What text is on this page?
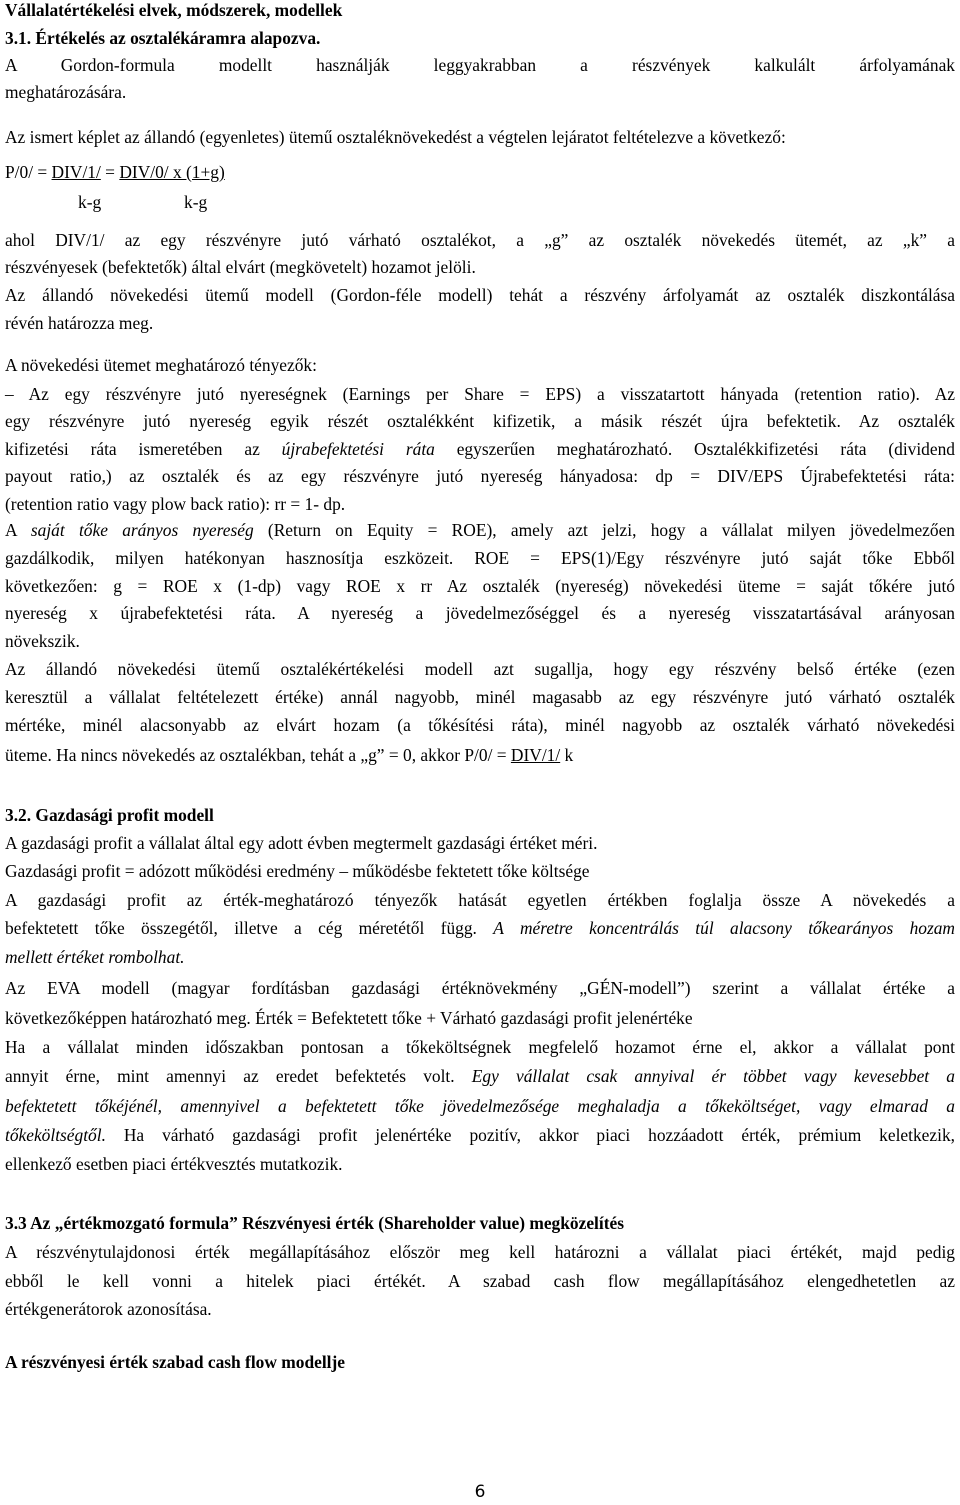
Vállalatértékelési elvek, módszerek, modellek
3.1. Értékelés az osztalékáramra alapozva.
A Gordon-formula modellt használják leggyakrabban a részvények kalkulált árfolyamának
meghatározására.
Az ismert képlet az állandó (egyenletes) ütemű osztaléknövekedést a végtelen lejáratot feltételezve a következő:
P/0/ = DIV/1/ = DIV/0/ x (1+g)
k-g	k-g
ahol DIV/1/ az egy részvényre jutó várható osztalékot, a „g” az osztalék növekedés ütemét, az „k” a
részvényesek (befektetők) által elvárt (megkövetelt) hozamot jelöli.
Az állandó növekedési ütemű modell (Gordon-féle modell) tehát a részvény árfolyamát az osztalék diszkontálása
révén határozza meg.
A növekedési ütemet meghatározó tényezők:
– Az egy részvényre jutó nyereségnek (Earnings per Share = EPS) a visszatartott hányada (retention ratio). Az
egy részvényre jutó nyereség egyik részét osztalékként kifizetik, a másik részét újra befektetik. Az osztalék
kifizetési ráta ismeretében az újrabefektetési ráta egyszerűen meghatározható. Osztalékkifizetési ráta (dividend
payout ratio,) az osztalék és az egy részvényre jutó nyereség hányadosa: dp = DIV/EPS Újrabefektetési ráta:
(retention ratio vagy plow back ratio): rr = 1- dp.
A saját tőke arányos nyereség (Return on Equity = ROE), amely azt jelzi, hogy a vállalat milyen jövedelmezően
gazdálkodik, milyen hatékonyan hasznosítja eszközeit. ROE = EPS(1)/Egy részvényre jutó saját tőke Ebből
következően: g = ROE x (1-dp) vagy ROE x rr Az osztalék (nyereség) növekedési üteme = saját tőkére jutó
nyereség x újrabefektetési ráta. A nyereség a jövedelmezőséggel és a nyereség visszatartásával arányosan
növekszik.
Az állandó növekedési ütemű osztalékértékelési modell azt sugallja, hogy egy részvény belső értéke (ezen
keresztül a vállalat feltételezett értéke) annál nagyobb, minél magasabb az egy részvényre jutó várható osztalék
mértéke, minél alacsonyabb az elvárt hozam (a tőkésítési ráta), minél nagyobb az osztalék várható növekedési
üteme. Ha nincs növekedés az osztalékban, tehát a „g” = 0, akkor P/0/ = DIV/1/ k
3.2. Gazdasági profit modell
A gazdasági profit a vállalat által egy adott évben megtermelt gazdasági értéket méri.
Gazdasági profit = adózott működési eredmény – működésbe fektetett tőke költsége
A gazdasági profit az érték-meghatározó tényezők hatását egyetlen értékben foglalja össze A növekedés a
befektetett tőke összegétől, illetve a cég méretétől függ. A méretre koncentrálás túl alacsony tőkearányos hozam
mellett értéket rombolhat.
Az EVA modell (magyar fordításban gazdasági értéknövekmény „GÉN-modell”) szerint a vállalat értéke a
következőképpen határozható meg. Érték = Befektetett tőke + Várható gazdasági profit jelenértéke
Ha a vállalat minden időszakban pontosan a tőkeköltségnek megfelelő hozamot érne el, akkor a vállalat pont
annyit érne, mint amennyi az eredet befektetés volt. Egy vállalat csak annyival ér többet vagy kevesebbet a
befektetett tőkéjénél, amennyivel a befektetett tőke jövedelmezősége meghaladja a tőkeköltséget, vagy elmarad a
tőkeköltségtől. Ha várható gazdasági profit jelenértéke pozitív, akkor piaci hozzáadott érték, prémium keletkezik,
ellenkező esetben piaci értékvesztés mutatkozik.
3.3 Az „értékmozgató formula” Részvényesi érték (Shareholder value) megközelítés
A részvénytulajdonosi érték megállapításához először meg kell határozni a vállalat piaci értékét, majd pedig
ebből le kell vonni a hitelek piaci értékét. A szabad cash flow megállapításához elengedhetetlen az
értékgenerátorok azonosítása.
A részvényesi érték szabad cash flow modellje
6
